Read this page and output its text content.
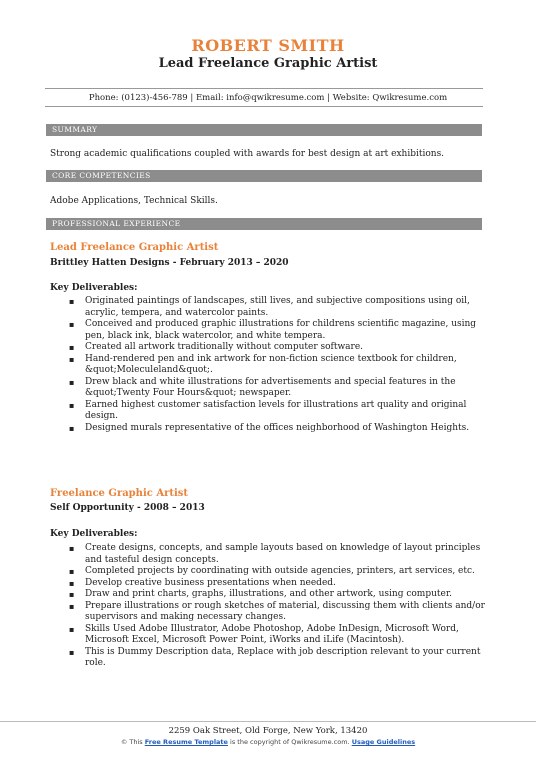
ROBERT SMITH
Lead Freelance Graphic Artist
Phone: (0123)-456-789 | Email: info@qwikresume.com | Website: Qwikresume.com
SUMMARY
Strong academic qualifications coupled with awards for best design at art exhibitions.
CORE COMPETENCIES
Adobe Applications, Technical Skills.
PROFESSIONAL EXPERIENCE
Lead Freelance Graphic Artist
Brittley Hatten Designs - February 2013 – 2020
Key Deliverables:
▪ Originated paintings of landscapes, still lives, and subjective compositions using oil, acrylic, tempera, and watercolor paints.
▪ Conceived and produced graphic illustrations for childrens scientific magazine, using pen, black ink, black watercolor, and white tempera.
▪ Created all artwork traditionally without computer software.
▪ Hand-rendered pen and ink artwork for non-fiction science textbook for children, &quot;Moleculeland&quot;.
▪ Drew black and white illustrations for advertisements and special features in the &quot;Twenty Four Hours&quot; newspaper.
▪ Earned highest customer satisfaction levels for illustrations art quality and original design.
▪ Designed murals representative of the offices neighborhood of Washington Heights.
Freelance Graphic Artist
Self Opportunity - 2008 – 2013
Key Deliverables:
▪ Create designs, concepts, and sample layouts based on knowledge of layout principles and tasteful design concepts.
▪ Completed projects by coordinating with outside agencies, printers, art services, etc.
▪ Develop creative business presentations when needed.
▪ Draw and print charts, graphs, illustrations, and other artwork, using computer.
▪ Prepare illustrations or rough sketches of material, discussing them with clients and/or supervisors and making necessary changes.
▪ Skills Used Adobe Illustrator, Adobe Photoshop, Adobe InDesign, Microsoft Word, Microsoft Excel, Microsoft Power Point, iWorks and iLife (Macintosh).
▪ This is Dummy Description data, Replace with job description relevant to your current role.
2259 Oak Street, Old Forge, New York, 13420
© This Free Resume Template is the copyright of Qwikresume.com. Usage Guidelines
